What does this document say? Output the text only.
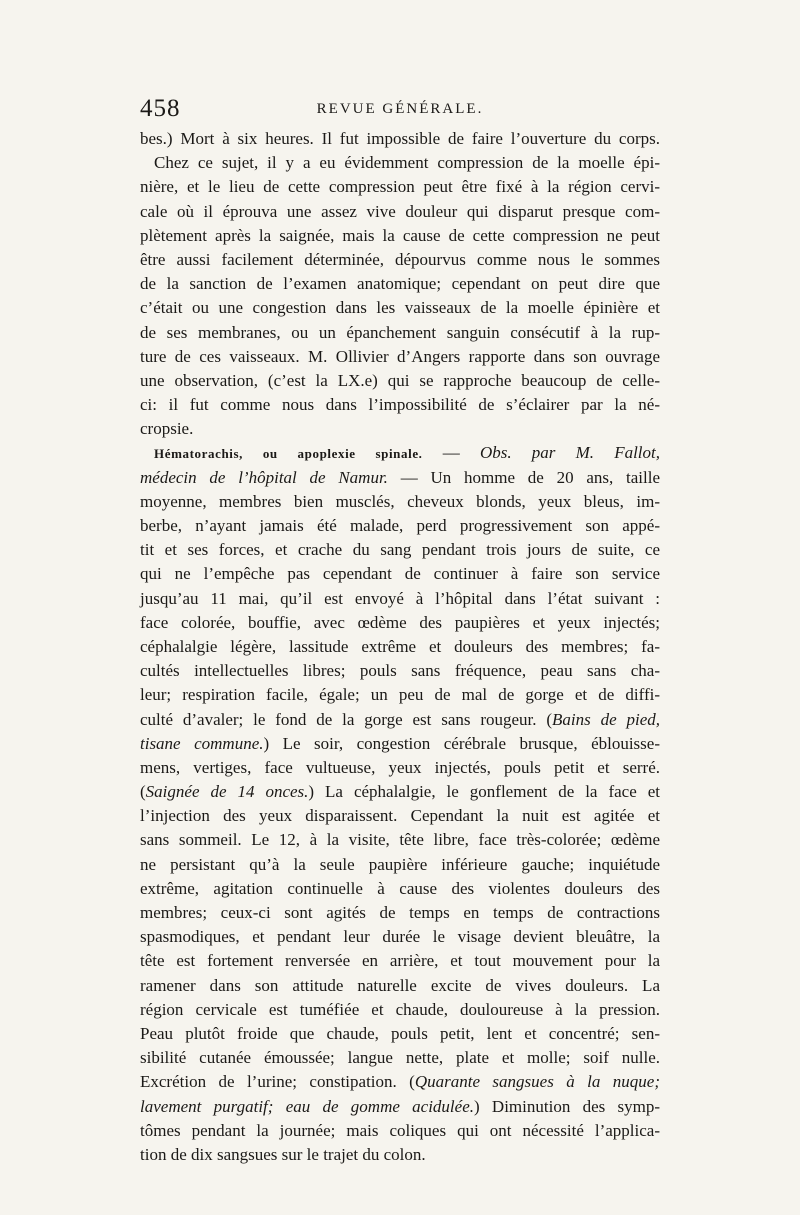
458	REVUE GÉNÉRALE.
bes.) Mort à six heures. Il fut impossible de faire l’ouverture du corps.
Chez ce sujet, il y a eu évidemment compression de la moelle épi-
nière, et le lieu de cette compression peut être fixé à la région cervi-
cale où il éprouva une assez vive douleur qui disparut presque com-
plètement après la saignée, mais la cause de cette compression ne peut
être aussi facilement déterminée, dépourvus comme nous le sommes
de la sanction de l’examen anatomique; cependant on peut dire que
c’était ou une congestion dans les vaisseaux de la moelle épinière et
de ses membranes, ou un épanchement sanguin consécutif à la rup-
ture de ces vaisseaux. M. Ollivier d’Angers rapporte dans son ouvrage
une observation, (c’est la LX.e) qui se rapproche beaucoup de celle-
ci: il fut comme nous dans l’impossibilité de s’éclairer par la né-
cropsie.
Hématorachis, ou apoplexie spinale. — Obs. par M. Fallot,
médecin de l’hôpital de Namur. — Un homme de 20 ans, taille
moyenne, membres bien musclés, cheveux blonds, yeux bleus, im-
berbe, n’ayant jamais été malade, perd progressivement son appé-
tit et ses forces, et crache du sang pendant trois jours de suite, ce
qui ne l’empêche pas cependant de continuer à faire son service
jusqu’au 11 mai, qu’il est envoyé à l’hôpital dans l’état suivant :
face colorée, bouffie, avec œdème des paupières et yeux injectés;
céphalalgie légère, lassitude extrême et douleurs des membres; fa-
cultés intellectuelles libres; pouls sans fréquence, peau sans cha-
leur; respiration facile, égale; un peu de mal de gorge et de diffi-
culté d’avaler; le fond de la gorge est sans rougeur. (Bains de pied,
tisane commune.) Le soir, congestion cérébrale brusque, éblouisse-
mens, vertiges, face vultueuse, yeux injectés, pouls petit et serré.
(Saignée de 14 onces.) La céphalalgie, le gonflement de la face et
l’injection des yeux disparaissent. Cependant la nuit est agitée et
sans sommeil. Le 12, à la visite, tête libre, face très-colorée; œdème
ne persistant qu’à la seule paupière inférieure gauche; inquiétude
extrême, agitation continuelle à cause des violentes douleurs des
membres; ceux-ci sont agités de temps en temps de contractions
spasmodiques, et pendant leur durée le visage devient bleuâtre, la
tête est fortement renversée en arrière, et tout mouvement pour la
ramener dans son attitude naturelle excite de vives douleurs. La
région cervicale est tuméfiée et chaude, douloureuse à la pression.
Peau plutôt froide que chaude, pouls petit, lent et concentré; sen-
sibilité cutanée émoussée; langue nette, plate et molle; soif nulle.
Excrétion de l’urine; constipation. (Quarante sangsues à la nuque;
lavement purgatif; eau de gomme acidulée.) Diminution des symp-
tômes pendant la journée; mais coliques qui ont nécessité l’applica-
tion de dix sangsues sur le trajet du colon.
